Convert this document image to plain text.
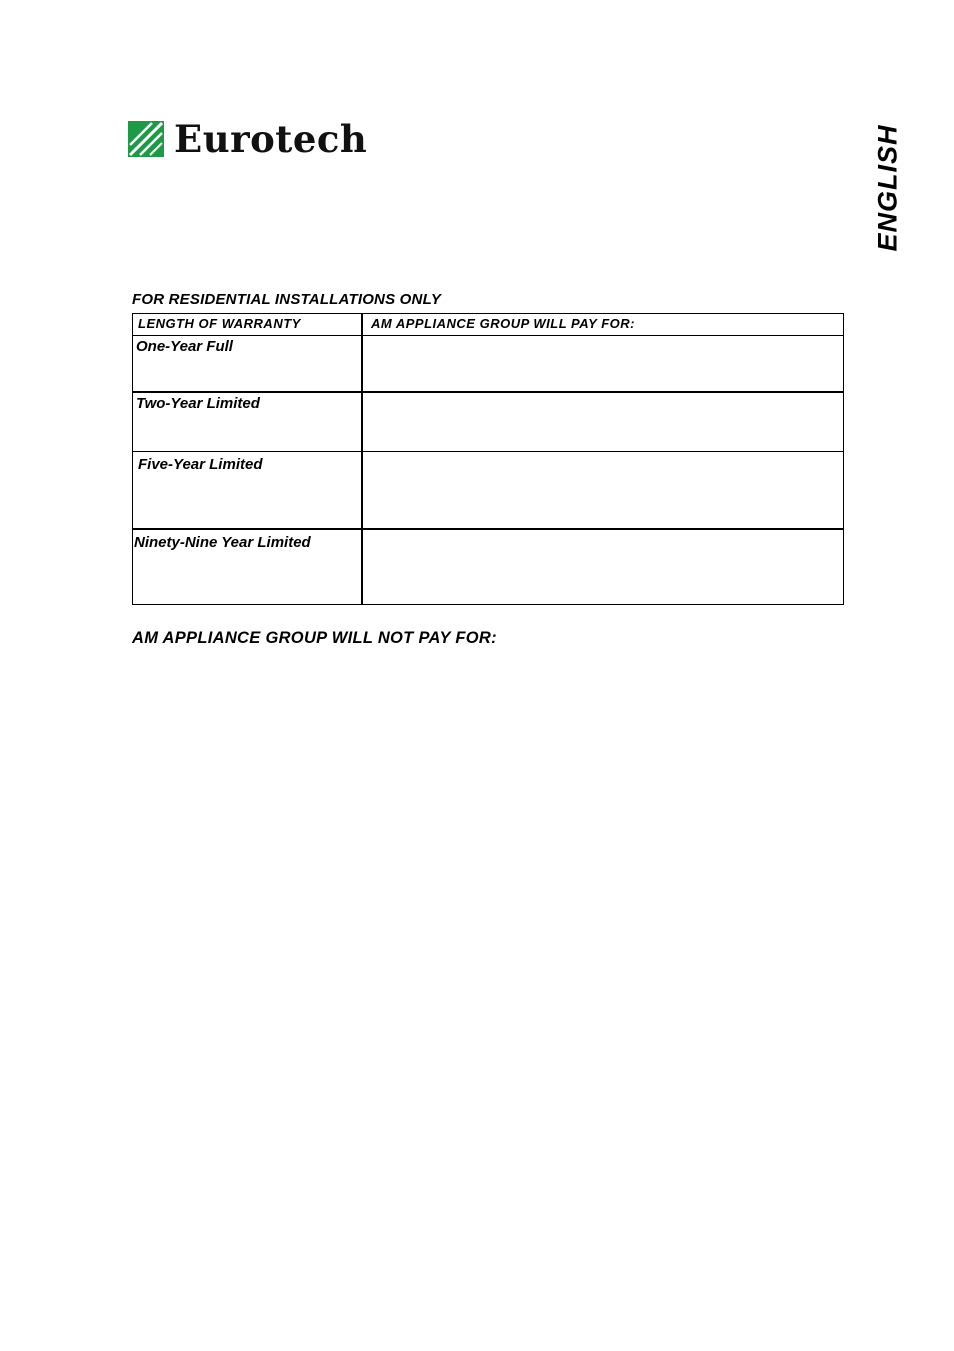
Eurotech	ENGLISH
FOR RESIDENTIAL INSTALLATIONS ONLY
LENGTH OF WARRANTY	AM APPLIANCE GROUP WILL PAY FOR:
One-Year Full
Two-Year Limited
Five-Year Limited
Ninety-Nine Year Limited
AM APPLIANCE GROUP WILL NOT PAY FOR:
